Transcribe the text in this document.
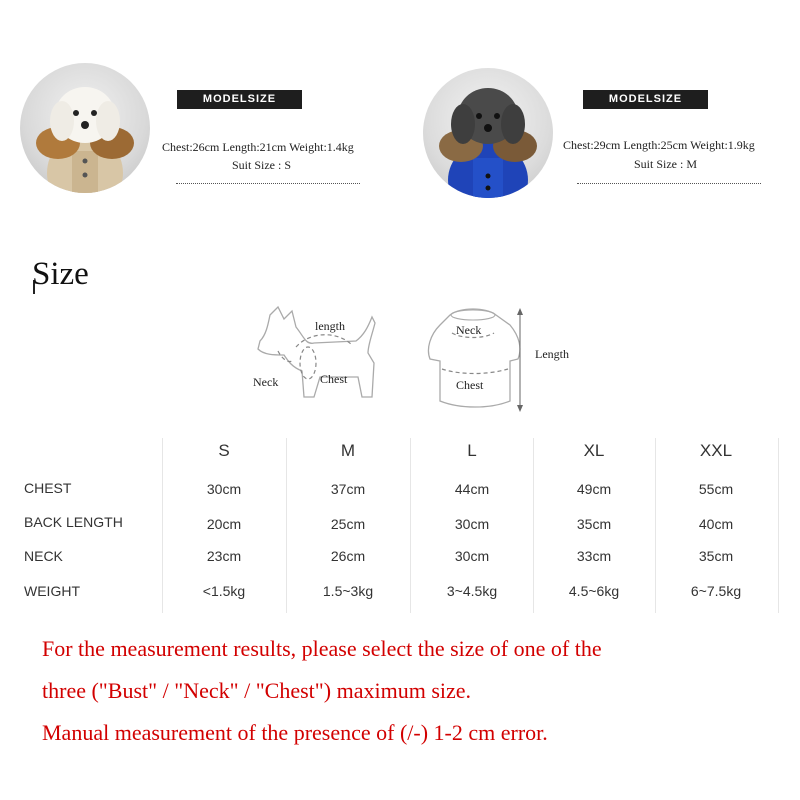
MODELSIZE
Chest:26cm Length:21cm Weight:1.4kg
Suit Size : S
MODELSIZE
Chest:29cm Length:25cm Weight:1.9kg
Suit Size : M
Size
length
Neck	Chest
Neck
Chest
Length
S	M	L	XL	XXL
CHEST	30cm	37cm	44cm	49cm	55cm
BACK LENGTH	20cm	25cm	30cm	35cm	40cm
NECK	23cm	26cm	30cm	33cm	35cm
WEIGHT	<1.5kg	1.5~3kg	3~4.5kg	4.5~6kg	6~7.5kg
For the measurement results, please select the size of one of the
three ("Bust" / "Neck" / "Chest") maximum size.
Manual measurement of the presence of (/-) 1-2 cm error.
